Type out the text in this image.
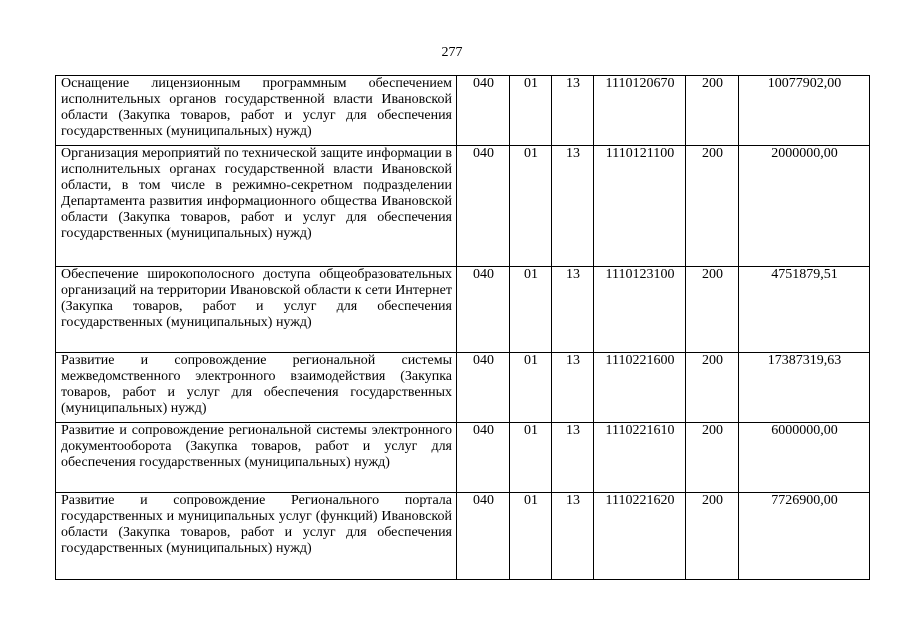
277
Оснащение лицензионным программным обеспечением исполнительных органов государственной власти Ивановской области (Закупка товаров, работ и услуг для обеспечения государственных (муниципальных) нужд)	040	01	13	1110120670	200	10077902,00
Организация мероприятий по технической защите информации в исполнительных органах государственной власти Ивановской области, в том числе в режимно-секретном подразделении Департамента развития информационного общества Ивановской области (Закупка товаров, работ и услуг для обеспечения государственных (муниципальных) нужд)	040	01	13	1110121100	200	2000000,00
Обеспечение широкополосного доступа общеобразовательных организаций на территории Ивановской области к сети Интернет (Закупка товаров, работ и услуг для обеспечения государственных (муниципальных) нужд)	040	01	13	1110123100	200	4751879,51
Развитие и сопровождение региональной системы межведомственного электронного взаимодействия (Закупка товаров, работ и услуг для обеспечения государственных (муниципальных) нужд)	040	01	13	1110221600	200	17387319,63
Развитие и сопровождение региональной системы электронного документооборота (Закупка товаров, работ и услуг для обеспечения государственных (муниципальных) нужд)	040	01	13	1110221610	200	6000000,00
Развитие и сопровождение Регионального портала государственных и муниципальных услуг (функций) Ивановской области (Закупка товаров, работ и услуг для обеспечения государственных (муниципальных) нужд)	040	01	13	1110221620	200	7726900,00
